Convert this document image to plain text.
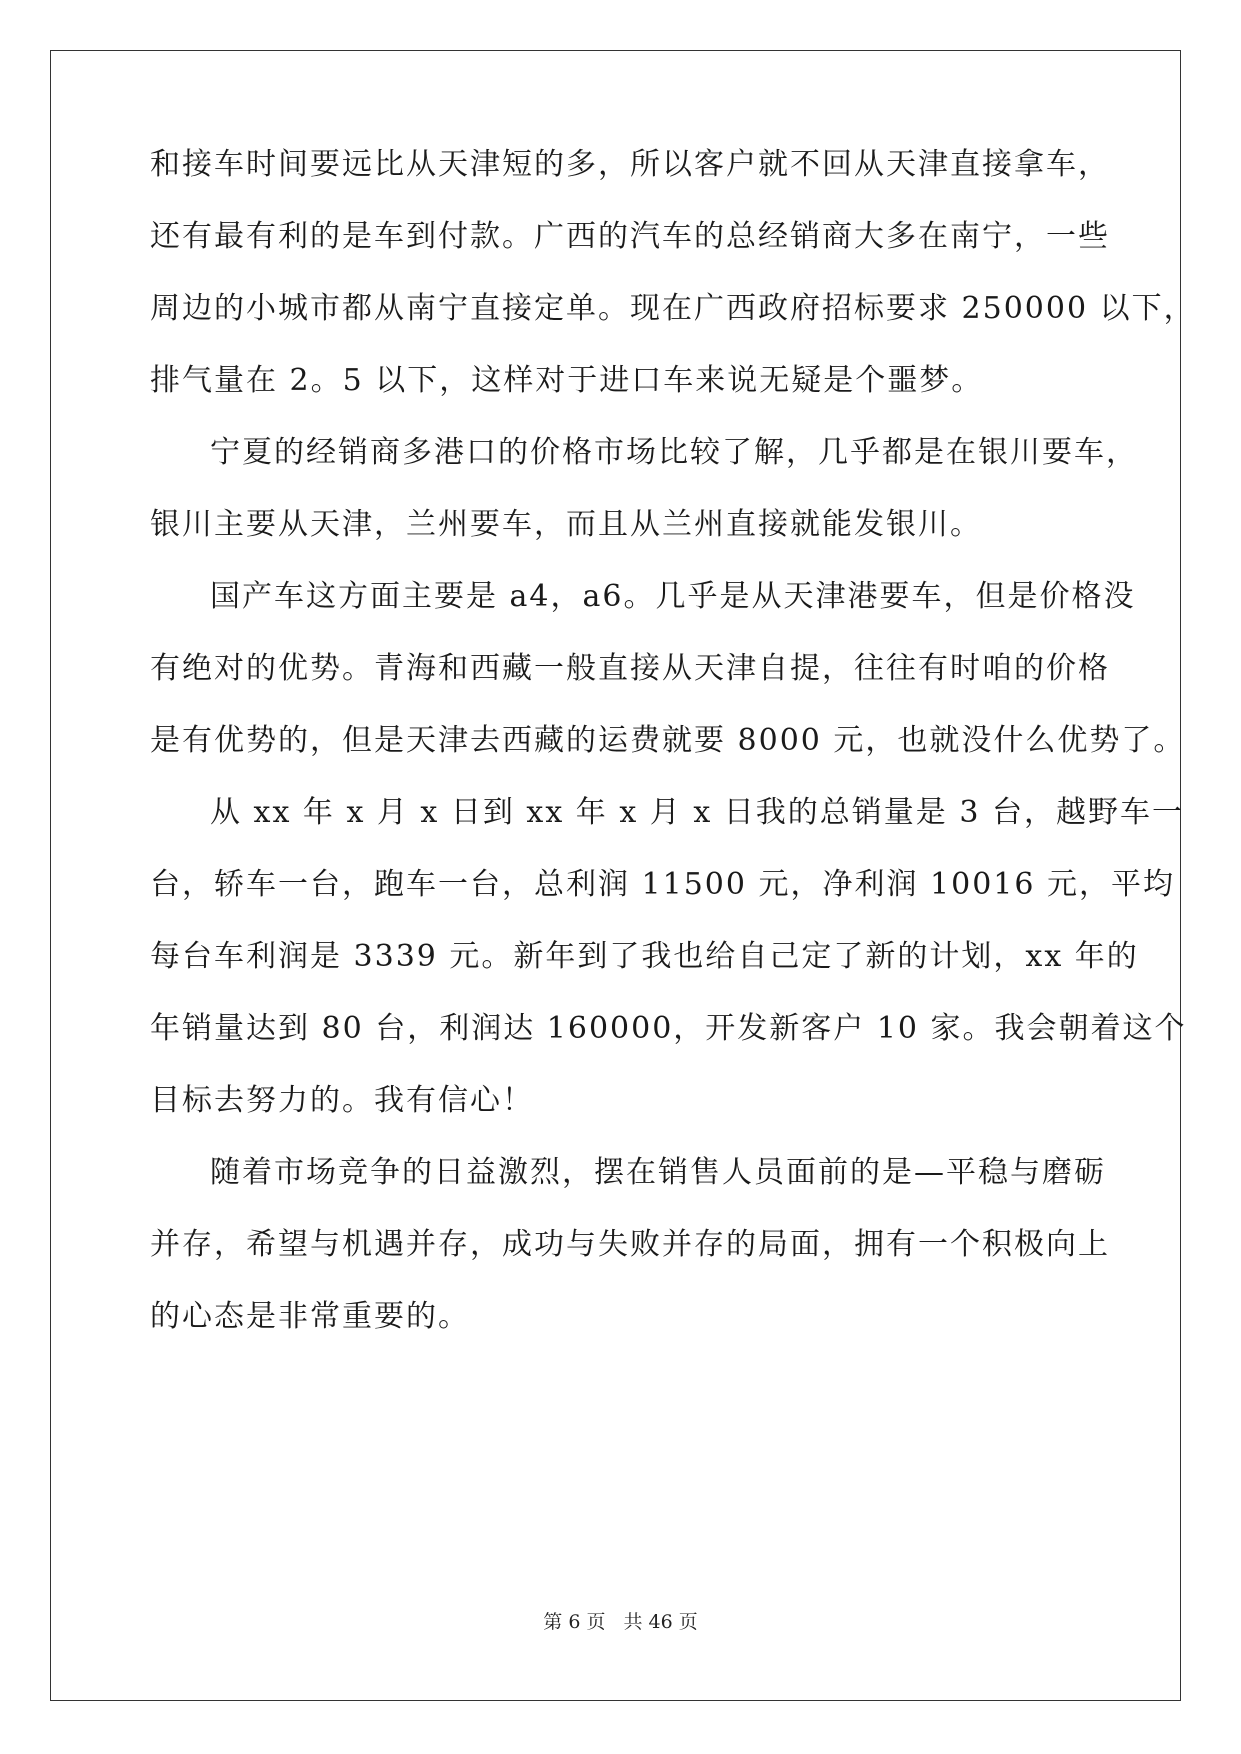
和接车时间要远比从天津短的多，所以客户就不回从天津直接拿车，
还有最有利的是车到付款。广西的汽车的总经销商大多在南宁，一些
周边的小城市都从南宁直接定单。现在广西政府招标要求 250000 以下，
排气量在 2。5 以下，这样对于进口车来说无疑是个噩梦。
宁夏的经销商多港口的价格市场比较了解，几乎都是在银川要车，
银川主要从天津，兰州要车，而且从兰州直接就能发银川。
国产车这方面主要是 a4，a6。几乎是从天津港要车，但是价格没
有绝对的优势。青海和西藏一般直接从天津自提，往往有时咱的价格
是有优势的，但是天津去西藏的运费就要 8000 元，也就没什么优势了。
从 xx 年 x 月 x 日到 xx 年 x 月 x 日我的总销量是 3 台，越野车一
台，轿车一台，跑车一台，总利润 11500 元，净利润 10016 元，平均
每台车利润是 3339 元。新年到了我也给自己定了新的计划，xx 年的
年销量达到 80 台，利润达 160000，开发新客户 10 家。我会朝着这个
目标去努力的。我有信心！
随着市场竞争的日益激烈，摆在销售人员面前的是—平稳与磨砺
并存，希望与机遇并存，成功与失败并存的局面，拥有一个积极向上
的心态是非常重要的。
第 6 页 共 46 页
